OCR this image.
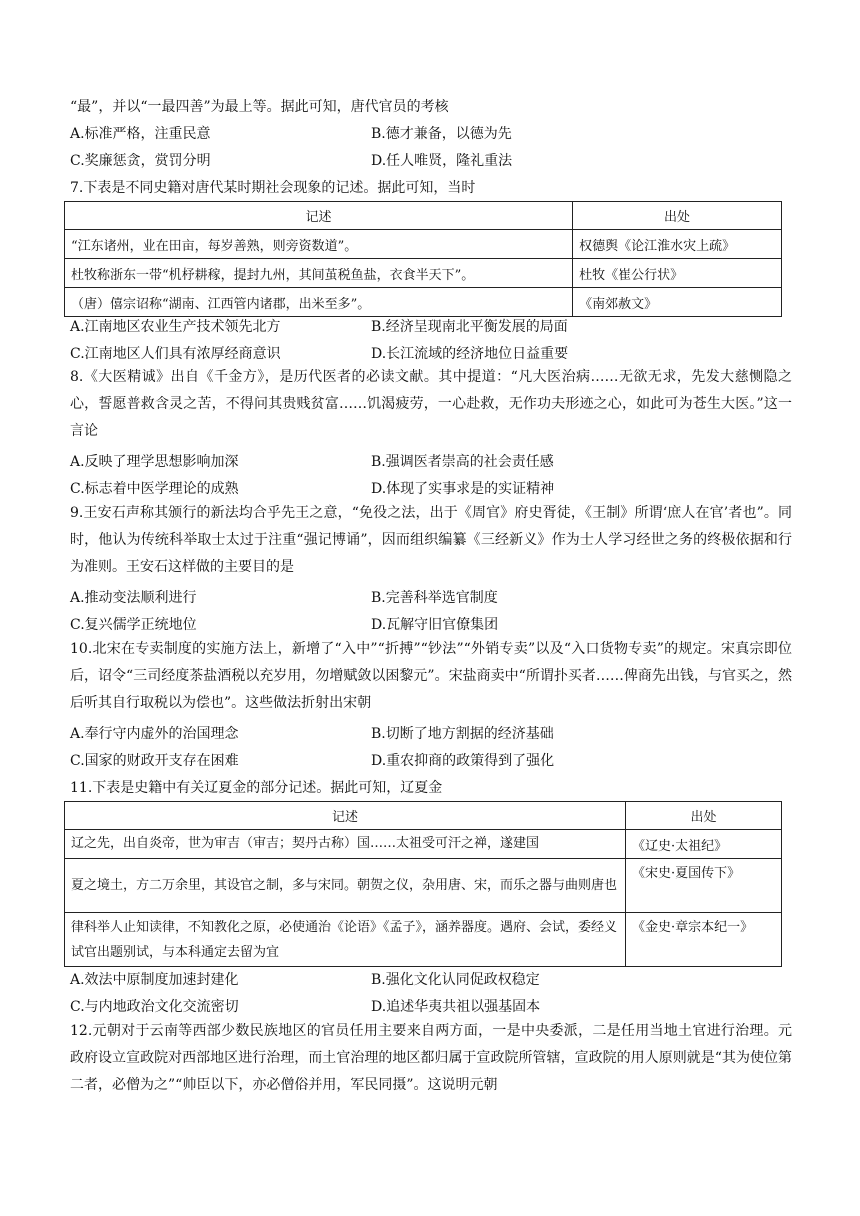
“最”，并以“一最四善”为最上等。据此可知，唐代官员的考核
A.标准严格，注重民意	B.德才兼备，以德为先
C.奖廉惩贪，赏罚分明	D.任人唯贤，隆礼重法
7.下表是不同史籍对唐代某时期社会现象的记述。据此可知，当时
记述	出处
“江东诸州，业在田亩，每岁善熟，则旁资数道”。	权德舆《论江淮水灾上疏》
杜牧称浙东一带“机杼耕稼，提封九州，其间茧税鱼盐，衣食半天下”。	杜牧《崔公行状》
（唐）僖宗诏称“湖南、江西管内诸郡，出米至多”。	《南郊赦文》
A.江南地区农业生产技术领先北方	B.经济呈现南北平衡发展的局面
C.江南地区人们具有浓厚经商意识	D.长江流域的经济地位日益重要
8.《大医精诚》出自《千金方》，是历代医者的必读文献。其中提道：“凡大医治病……无欲无求，先发大慈恻隐之心，誓愿普救含灵之苦，不得问其贵贱贫富……饥渴疲劳，一心赴救，无作功夫形迹之心，如此可为苍生大医。”这一言论
A.反映了理学思想影响加深	B.强调医者崇高的社会责任感
C.标志着中医学理论的成熟	D.体现了实事求是的实证精神
9.王安石声称其颁行的新法均合乎先王之意，“免役之法，出于《周官》府史胥徒，《王制》所谓‘庶人在官’者也”。同时，他认为传统科举取士太过于注重“强记博诵”，因而组织编纂《三经新义》作为士人学习经世之务的终极依据和行为准则。王安石这样做的主要目的是
A.推动变法顺利进行	B.完善科举选官制度
C.复兴儒学正统地位	D.瓦解守旧官僚集团
10.北宋在专卖制度的实施方法上，新增了“入中”“折搏”“钞法”“外销专卖”以及“入口货物专卖”的规定。宋真宗即位后，诏令“三司经度茶盐酒税以充岁用，勿增赋敛以困黎元”。宋盐商卖中“所谓扑买者……俾商先出钱，与官买之，然后听其自行取税以为偿也”。这些做法折射出宋朝
A.奉行守内虚外的治国理念	B.切断了地方割据的经济基础
C.国家的财政开支存在困难	D.重农抑商的政策得到了强化
11.下表是史籍中有关辽夏金的部分记述。据此可知，辽夏金
记述	出处
辽之先，出自炎帝，世为审吉（审吉；契丹古称）国……太祖受可汗之禅，遂建国	《辽史·太祖纪》
夏之境土，方二万余里，其设官之制，多与宋同。朝贺之仪，杂用唐、宋，而乐之器与曲则唐也	《宋史·夏国传下》
律科举人止知读律，不知教化之原，必使通治《论语》《孟子》，涵养器度。遇府、会试，委经义试官出题别试，与本科通定去留为宜	《金史·章宗本纪一》
A.效法中原制度加速封建化	B.强化文化认同促政权稳定
C.与内地政治文化交流密切	D.追述华夷共祖以强基固本
12.元朝对于云南等西部少数民族地区的官员任用主要来自两方面，一是中央委派，二是任用当地土官进行治理。元政府设立宣政院对西部地区进行治理，而土官治理的地区都归属于宣政院所管辖，宣政院的用人原则就是“其为使位第二者，必僧为之”“帅臣以下，亦必僧俗并用，军民同摄”。这说明元朝
